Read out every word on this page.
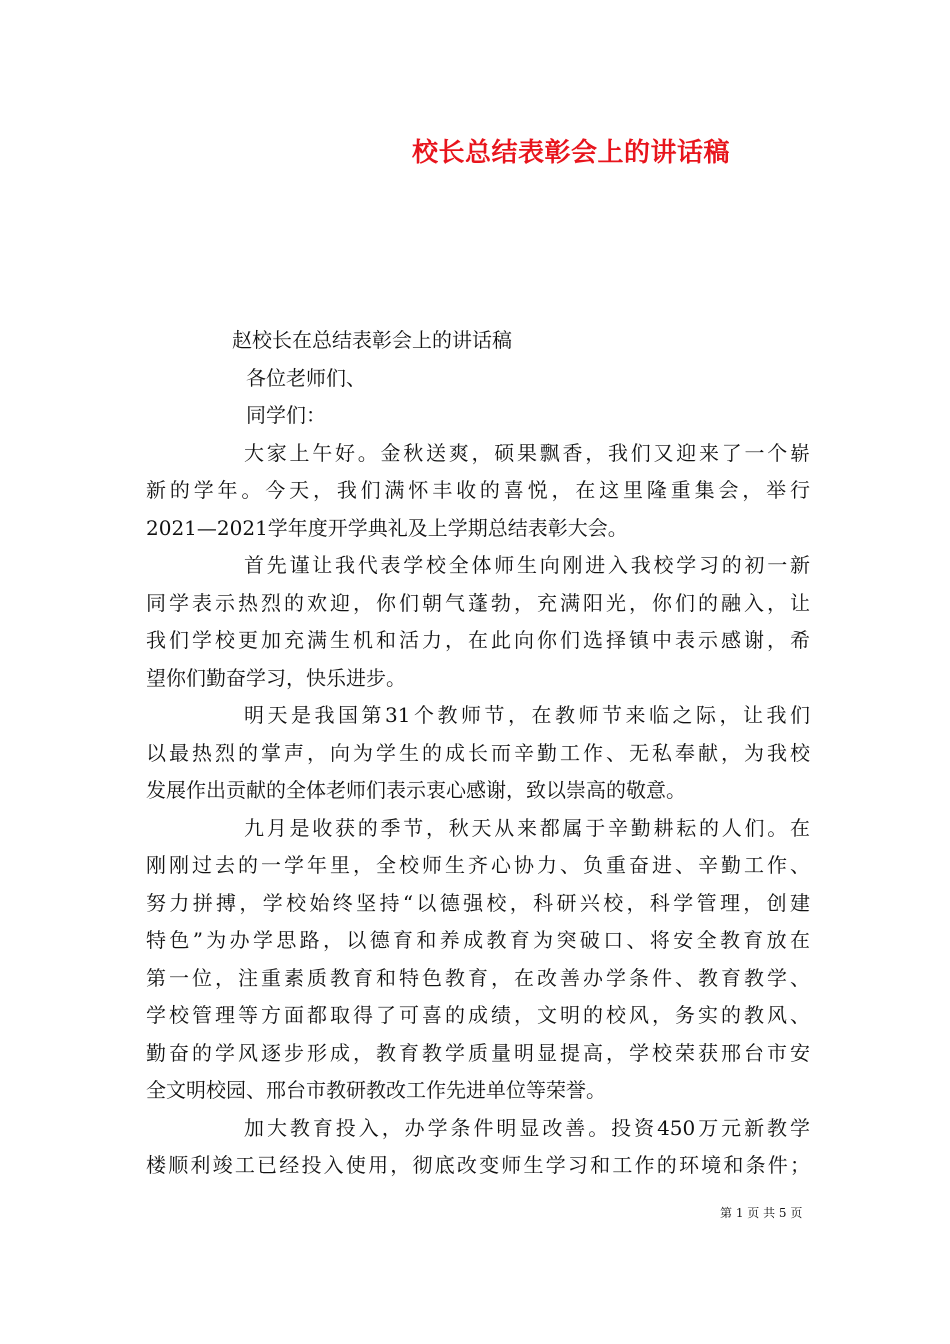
校长总结表彰会上的讲话稿
赵校长在总结表彰会上的讲话稿
各位老师们、
同学们：
大家上午好。金秋送爽，硕果飘香，我们又迎来了一个崭
新的学年。今天，我们满怀丰收的喜悦，在这里隆重集会，举行
2021—2021学年度开学典礼及上学期总结表彰大会。
首先谨让我代表学校全体师生向刚进入我校学习的初一新
同学表示热烈的欢迎，你们朝气蓬勃，充满阳光，你们的融入，让
我们学校更加充满生机和活力，在此向你们选择镇中表示感谢，希
望你们勤奋学习，快乐进步。
明天是我国第31个教师节，在教师节来临之际，让我们
以最热烈的掌声，向为学生的成长而辛勤工作、无私奉献，为我校
发展作出贡献的全体老师们表示衷心感谢，致以崇高的敬意。
九月是收获的季节，秋天从来都属于辛勤耕耘的人们。在
刚刚过去的一学年里，全校师生齐心协力、负重奋进、辛勤工作、
努力拼搏，学校始终坚持“以德强校，科研兴校，科学管理，创建
特色”为办学思路，以德育和养成教育为突破口、将安全教育放在
第一位，注重素质教育和特色教育，在改善办学条件、教育教学、
学校管理等方面都取得了可喜的成绩，文明的校风，务实的教风、
勤奋的学风逐步形成，教育教学质量明显提高，学校荣获邢台市安
全文明校园、邢台市教研教改工作先进单位等荣誉。
加大教育投入，办学条件明显改善。投资450万元新教学
楼顺利竣工已经投入使用，彻底改变师生学习和工作的环境和条件；
第 1 页 共 5 页
